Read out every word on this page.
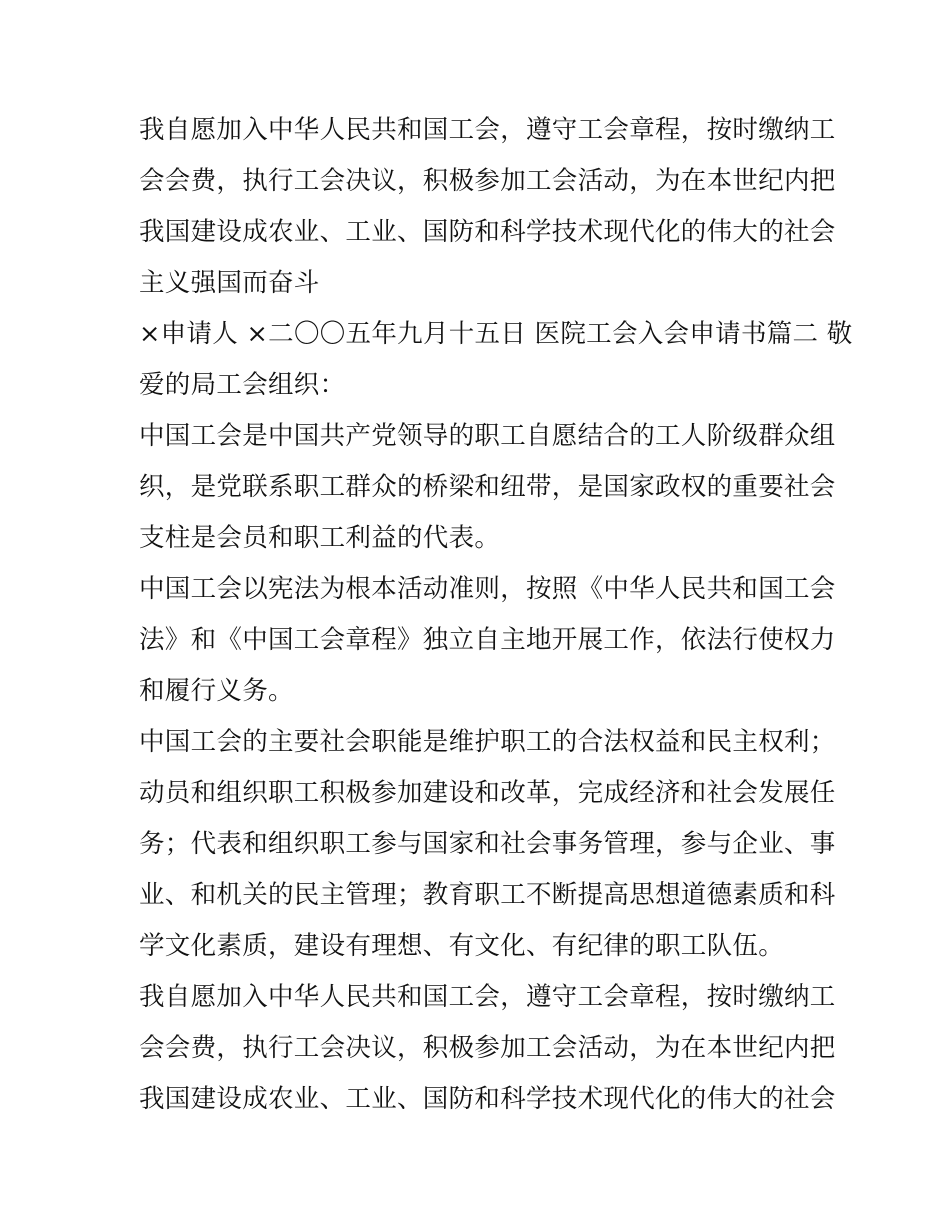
我自愿加入中华人民共和国工会，遵守工会章程，按时缴纳工
会会费，执行工会决议，积极参加工会活动，为在本世纪内把
我国建设成农业、工业、国防和科学技术现代化的伟大的社会
主义强国而奋斗
×申请人 ×二〇〇五年九月十五日 医院工会入会申请书篇二 敬
爱的局工会组织：
中国工会是中国共产党领导的职工自愿结合的工人阶级群众组
织，是党联系职工群众的桥梁和纽带，是国家政权的重要社会
支柱是会员和职工利益的代表。
中国工会以宪法为根本活动准则，按照《中华人民共和国工会
法》和《中国工会章程》独立自主地开展工作，依法行使权力
和履行义务。
中国工会的主要社会职能是维护职工的合法权益和民主权利；
动员和组织职工积极参加建设和改革，完成经济和社会发展任
务；代表和组织职工参与国家和社会事务管理，参与企业、事
业、和机关的民主管理；教育职工不断提高思想道德素质和科
学文化素质，建设有理想、有文化、有纪律的职工队伍。
我自愿加入中华人民共和国工会，遵守工会章程，按时缴纳工
会会费，执行工会决议，积极参加工会活动，为在本世纪内把
我国建设成农业、工业、国防和科学技术现代化的伟大的社会
